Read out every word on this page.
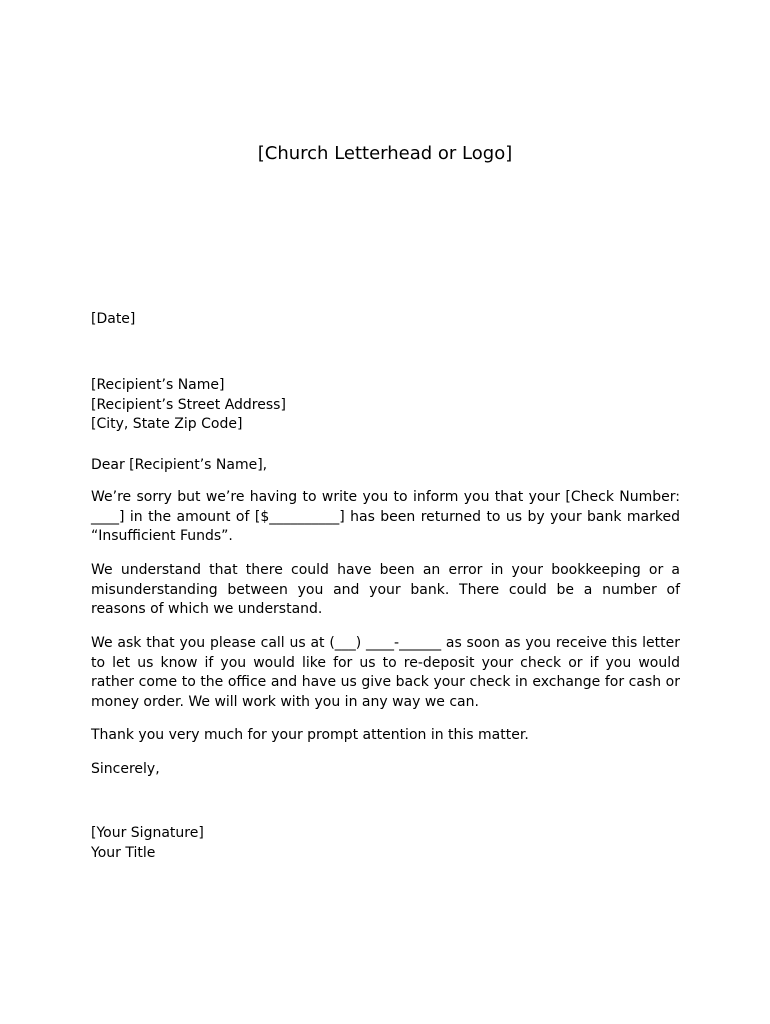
[Church Letterhead or Logo]
[Date]
[Recipient’s Name]
[Recipient’s Street Address]
[City, State Zip Code]
Dear [Recipient’s Name],

We’re sorry but we’re having to write you to inform you that your [Check Number: ____] in the amount of [$__________] has been returned to us by your bank marked “Insufficient Funds”.

We understand that there could have been an error in your bookkeeping or a misunderstanding between you and your bank. There could be a number of reasons of which we understand.

We ask that you please call us at (___) ____-______ as soon as you receive this letter to let us know if you would like for us to re-deposit your check or if you would rather come to the office and have us give back your check in exchange for cash or money order. We will work with you in any way we can.

Thank you very much for your prompt attention in this matter.

Sincerely,
[Your Signature]
Your Title
